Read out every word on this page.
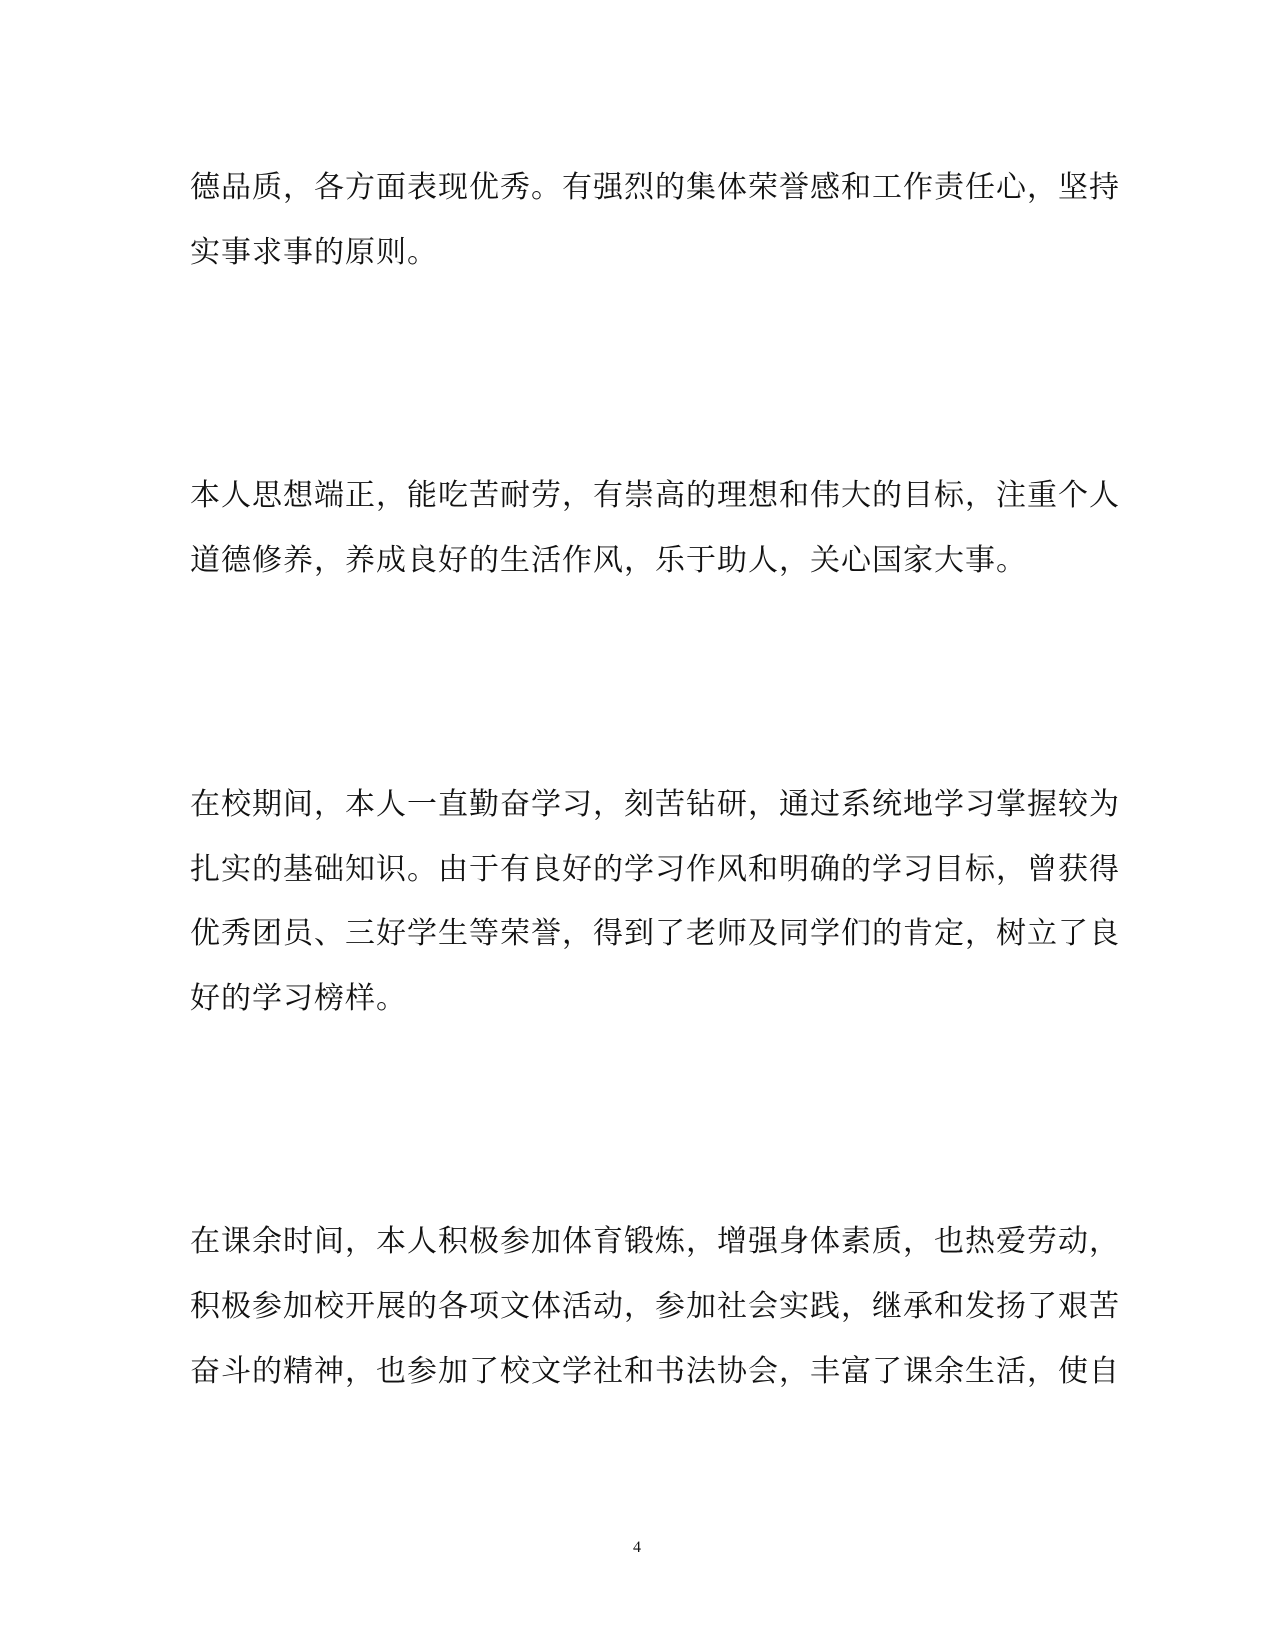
德品质，各方面表现优秀。有强烈的集体荣誉感和工作责任心，坚持

实事求事的原则。

本人思想端正，能吃苦耐劳，有崇高的理想和伟大的目标，注重个人

道德修养，养成良好的生活作风，乐于助人，关心国家大事。

在校期间，本人一直勤奋学习，刻苦钻研，通过系统地学习掌握较为

扎实的基础知识。由于有良好的学习作风和明确的学习目标，曾获得

优秀团员、三好学生等荣誉，得到了老师及同学们的肯定，树立了良

好的学习榜样。

在课余时间，本人积极参加体育锻炼，增强身体素质，也热爱劳动，

积极参加校开展的各项文体活动，参加社会实践，继承和发扬了艰苦

奋斗的精神，也参加了校文学社和书法协会，丰富了课余生活，使自

4
